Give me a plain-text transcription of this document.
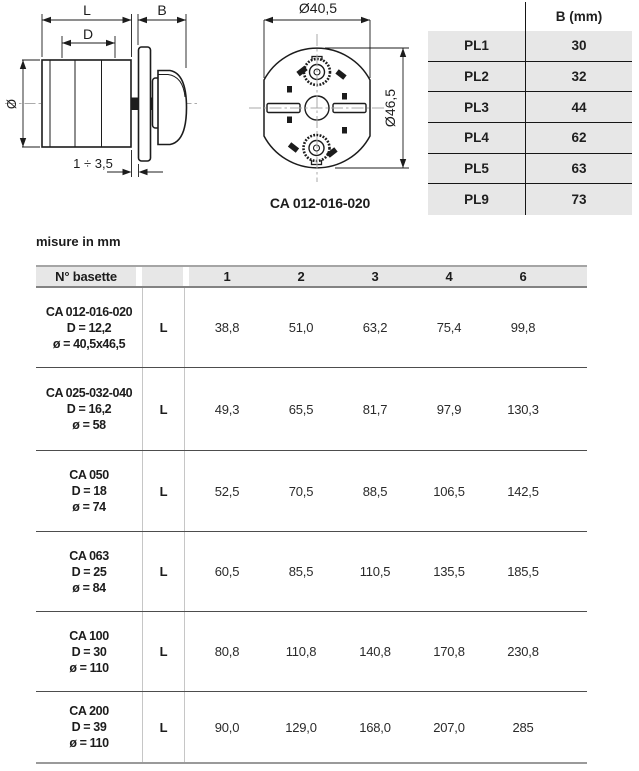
L	B
D
Ø
1 ÷ 3,5
Ø40,5
Ø46,5
CA 012-016-020
B (mm)
PL1	30
PL2	32
PL3	44
PL4	62
PL5	63
PL9	73
misure in mm
N° basette	1	2	3	4	6
CA 012-016-020
D = 12,2
ø = 40,5x46,5
L	38,8	51,0	63,2	75,4	99,8
CA 025-032-040
D = 16,2
ø = 58
L	49,3	65,5	81,7	97,9	130,3
CA 050
D = 18
ø = 74
L	52,5	70,5	88,5	106,5	142,5
CA 063
D = 25
ø = 84
L	60,5	85,5	110,5	135,5	185,5
CA 100
D = 30
ø = 110
L	80,8	110,8	140,8	170,8	230,8
CA 200
D = 39
ø = 110
L	90,0	129,0	168,0	207,0	285
